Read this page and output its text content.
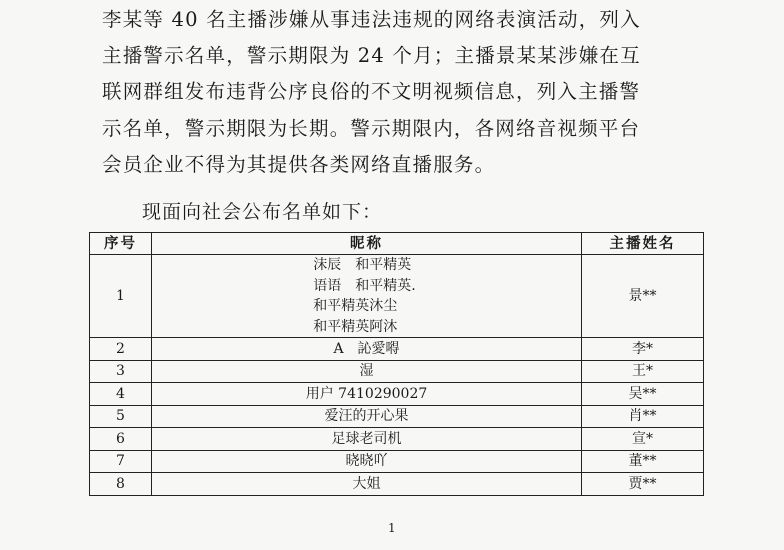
李某等 40 名主播涉嫌从事违法违规的网络表演活动，列入
主播警示名单，警示期限为 24 个月；主播景某某涉嫌在互
联网群组发布违背公序良俗的不文明视频信息，列入主播警
示名单，警示期限为长期。警示期限内，各网络音视频平台
会员企业不得为其提供各类网络直播服务。
现面向社会公布名单如下：
序号	昵称	主播姓名
1	沫辰　和平精英
语语　和平精英.
和平精英沐尘
和平精英阿沐	景**
2	A　訫愛嘚	李*
3	湿	王*
4	用户 7410290027	吴**
5	爱汪的开心果	肖**
6	足球老司机	宣*
7	晓晓吖	董**
8	大姐	贾**
1
